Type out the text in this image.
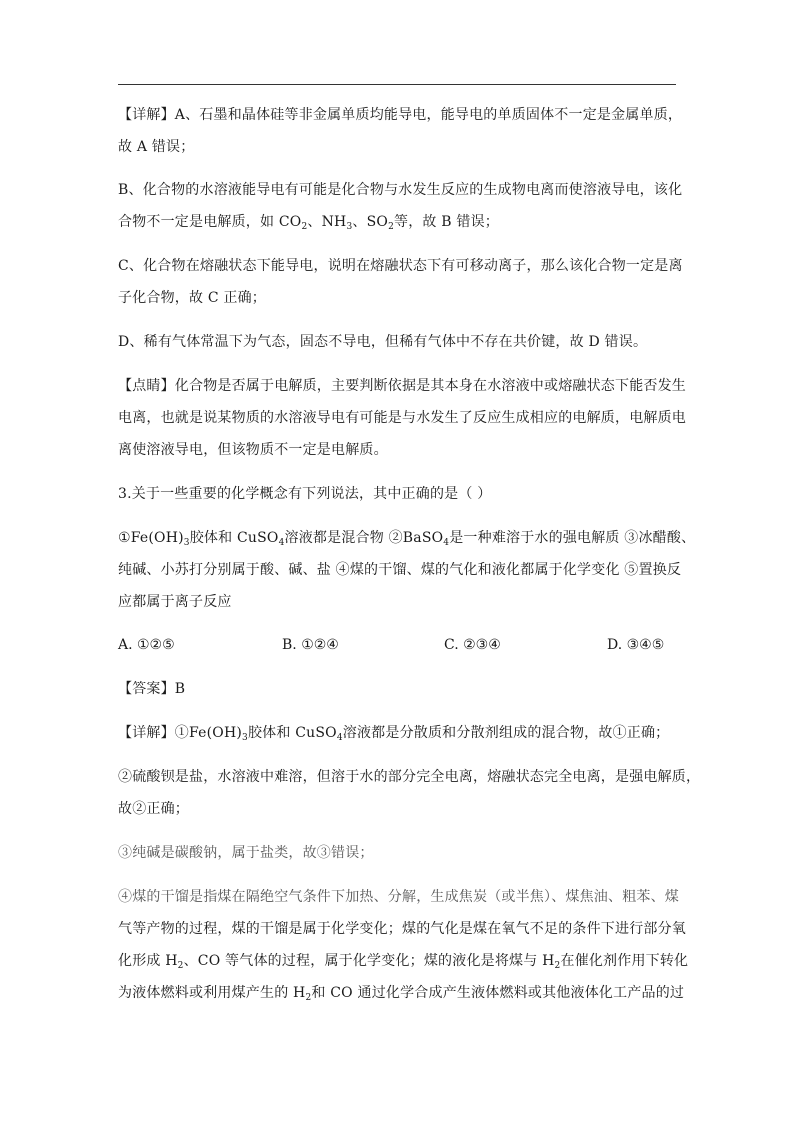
【详解】A、石墨和晶体硅等非金属单质均能导电，能导电的单质固体不一定是金属单质，
故 A 错误；
B、化合物的水溶液能导电有可能是化合物与水发生反应的生成物电离而使溶液导电，该化
合物不一定是电解质，如 $CO_2$、$NH_3$、$SO_2$等，故 B 错误；
C、化合物在熔融状态下能导电，说明在熔融状态下有可移动离子，那么该化合物一定是离
子化合物，故 C 正确；
D、稀有气体常温下为气态，固态不导电，但稀有气体中不存在共价键，故 D 错误。
【点睛】化合物是否属于电解质，主要判断依据是其本身在水溶液中或熔融状态下能否发生
电离，也就是说某物质的水溶液导电有可能是与水发生了反应生成相应的电解质，电解质电
离使溶液导电，但该物质不一定是电解质。
3.关于一些重要的化学概念有下列说法，其中正确的是（ ）
$①Fe(OH)_3$胶体和 CuSO$_4$溶液都是混合物 ②BaSO$_4$是一种难溶于水的强电解质 ③冰醋酸、
纯碱、小苏打分别属于酸、碱、盐 ④煤的干馏、煤的气化和液化都属于化学变化 ⑤置换反
应都属于离子反应
A. ①②⑤	B. ①②④	C. ②③④	D. ③④⑤
【答案】B
【详解】$①Fe(OH)_3$胶体和 CuSO$_4$溶液都是分散质和分散剂组成的混合物，故①正确；
②硫酸钡是盐，水溶液中难溶，但溶于水的部分完全电离，熔融状态完全电离，是强电解质，
故②正确；
③纯碱是碳酸钠，属于盐类，故③错误；
④煤的干馏是指煤在隔绝空气条件下加热、分解，生成焦炭（或半焦）、煤焦油、粗苯、煤
气等产物的过程，煤的干馏是属于化学变化；煤的气化是煤在氧气不足的条件下进行部分氧
化形成 $H_2$、CO 等气体的过程，属于化学变化；煤的液化是将煤与 $H_2$在催化剂作用下转化
为液体燃料或利用煤产生的 $H_2$和 CO 通过化学合成产生液体燃料或其他液体化工产品的过
